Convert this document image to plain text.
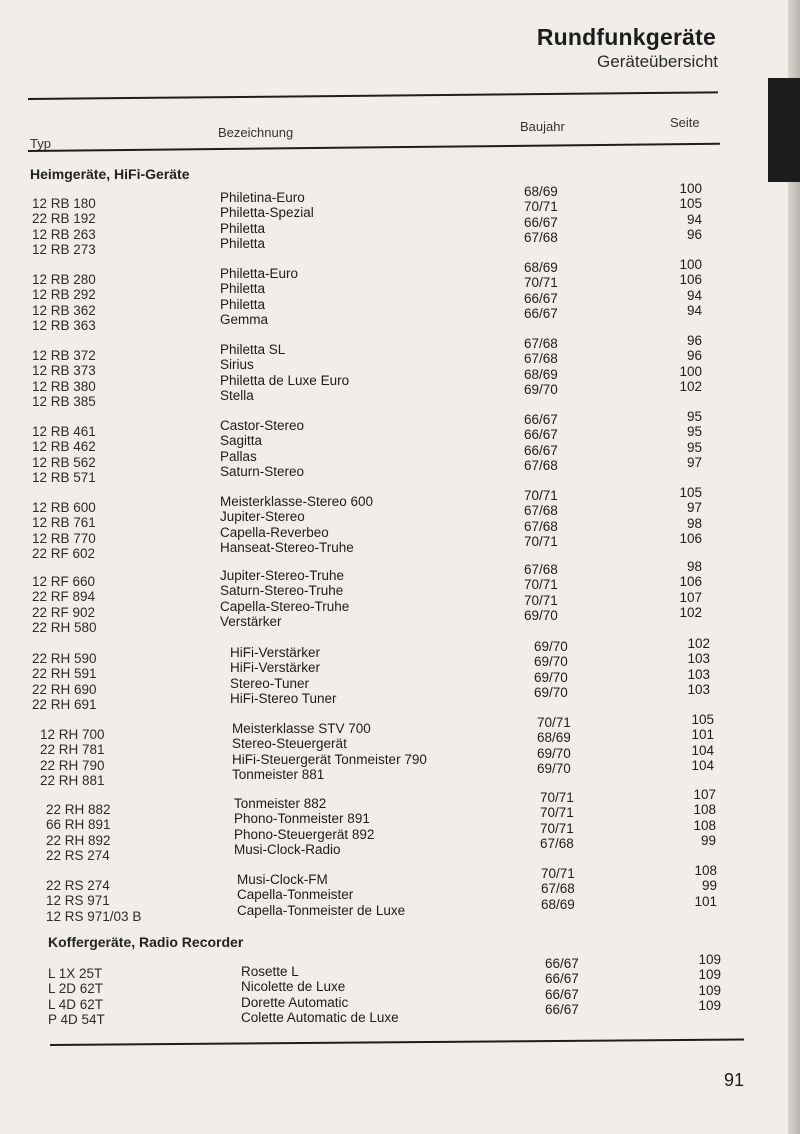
Rundfunkgeräte
Geräteübersicht
Typ
Bezeichnung	Baujahr	Seite
Heimgeräte, HiFi-Geräte
12 RB 180
22 RB 192
12 RB 263
12 RB 273
Philetina-Euro
Philetta-Spezial
Philetta
Philetta
68/69
70/71
66/67
67/68
100
105
94
96
12 RB 280
12 RB 292
12 RB 362
12 RB 363
Philetta-Euro
Philetta
Philetta
Gemma
68/69
70/71
66/67
66/67
100
106
94
94
12 RB 372
12 RB 373
12 RB 380
12 RB 385
Philetta SL
Sirius
Philetta de Luxe Euro
Stella
67/68
67/68
68/69
69/70
96
96
100
102
12 RB 461
12 RB 462
12 RB 562
12 RB 571
Castor-Stereo
Sagitta
Pallas
Saturn-Stereo
66/67
66/67
66/67
67/68
95
95
95
97
12 RB 600
12 RB 761
12 RB 770
22 RF 602
Meisterklasse-Stereo 600
Jupiter-Stereo
Capella-Reverbeo
Hanseat-Stereo-Truhe
70/71
67/68
67/68
70/71
105
97
98
106
12 RF 660
22 RF 894
22 RF 902
22 RH 580
Jupiter-Stereo-Truhe
Saturn-Stereo-Truhe
Capella-Stereo-Truhe
Verstärker
67/68
70/71
70/71
69/70
98
106
107
102
22 RH 590
22 RH 591
22 RH 690
22 RH 691
HiFi-Verstärker
HiFi-Verstärker
Stereo-Tuner
HiFi-Stereo Tuner
69/70
69/70
69/70
69/70
102
103
103
103
12 RH 700
22 RH 781
22 RH 790
22 RH 881
Meisterklasse STV 700
Stereo-Steuergerät
HiFi-Steuergerät Tonmeister 790
Tonmeister 881
70/71
68/69
69/70
69/70
105
101
104
104
22 RH 882
66 RH 891
22 RH 892
22 RS 274
Tonmeister 882
Phono-Tonmeister 891
Phono-Steuergerät 892
Musi-Clock-Radio
70/71
70/71
70/71
67/68
107
108
108
99
22 RS 274
12 RS 971
12 RS 971/03 B
Musi-Clock-FM
Capella-Tonmeister
Capella-Tonmeister de Luxe
70/71
67/68
68/69
108
99
101
Koffergeräte, Radio Recorder
L 1X 25T
L 2D 62T
L 4D 62T
P 4D 54T
Rosette L
Nicolette de Luxe
Dorette Automatic
Colette Automatic de Luxe
66/67
66/67
66/67
66/67
109
109
109
109
91
